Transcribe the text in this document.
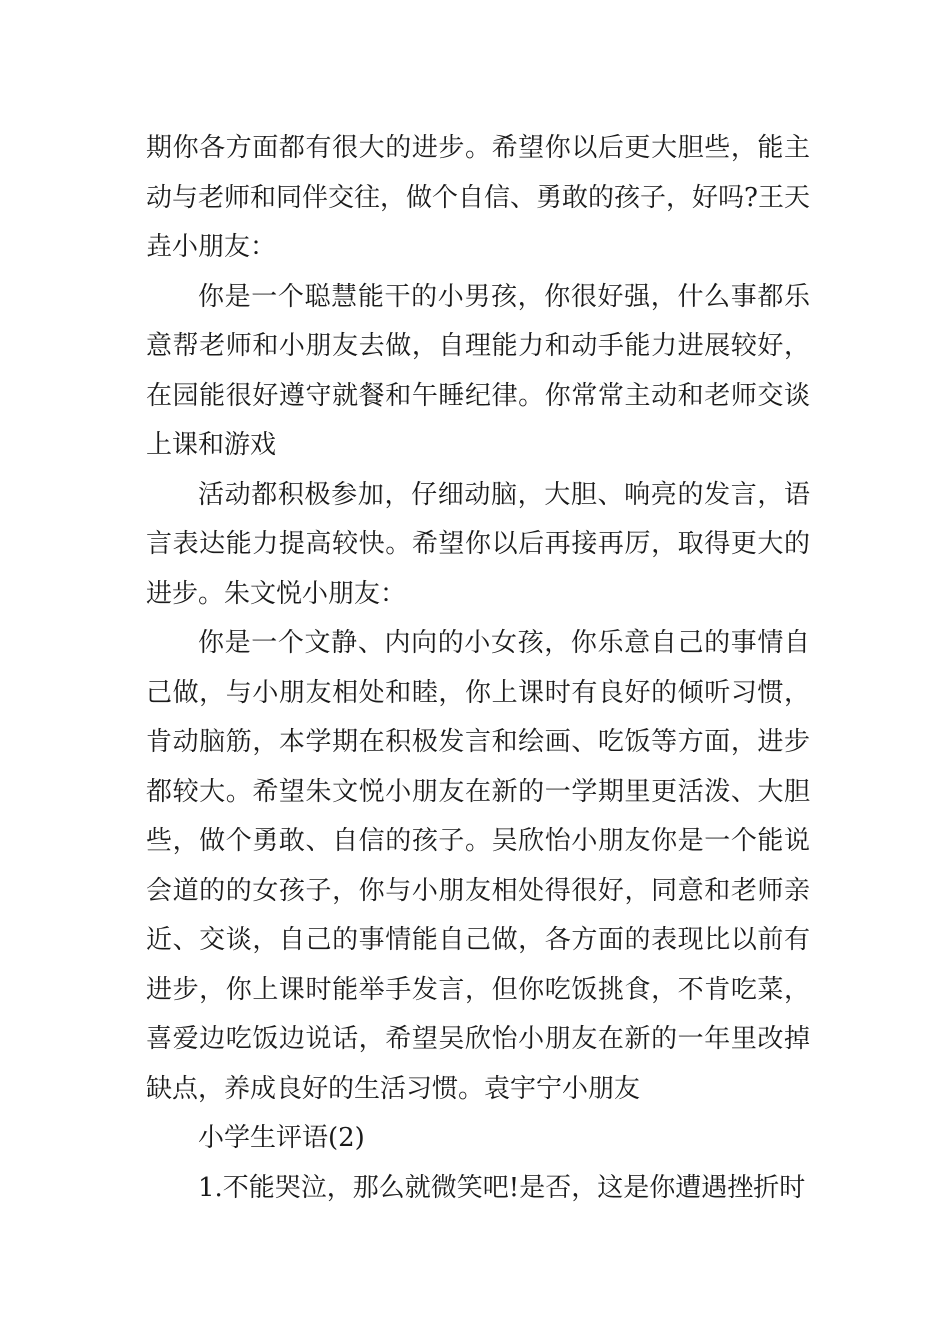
期你各方面都有很大的进步。希望你以后更大胆些，能主动与老师和同伴交往，做个自信、勇敢的孩子，好吗?王天垚小朋友：

你是一个聪慧能干的小男孩，你很好强，什么事都乐意帮老师和小朋友去做，自理能力和动手能力进展较好，在园能很好遵守就餐和午睡纪律。你常常主动和老师交谈上课和游戏

活动都积极参加，仔细动脑，大胆、响亮的发言，语言表达能力提高较快。希望你以后再接再厉，取得更大的进步。朱文悦小朋友：

你是一个文静、内向的小女孩，你乐意自己的事情自己做，与小朋友相处和睦，你上课时有良好的倾听习惯，肯动脑筋，本学期在积极发言和绘画、吃饭等方面，进步都较大。希望朱文悦小朋友在新的一学期里更活泼、大胆些，做个勇敢、自信的孩子。吴欣怡小朋友你是一个能说会道的的女孩子，你与小朋友相处得很好，同意和老师亲近、交谈，自己的事情能自己做，各方面的表现比以前有进步，你上课时能举手发言，但你吃饭挑食，不肯吃菜，喜爱边吃饭边说话，希望吴欣怡小朋友在新的一年里改掉缺点，养成良好的生活习惯。袁宇宁小朋友

小学生评语(2)

1.不能哭泣，那么就微笑吧!是否，这是你遭遇挫折时
